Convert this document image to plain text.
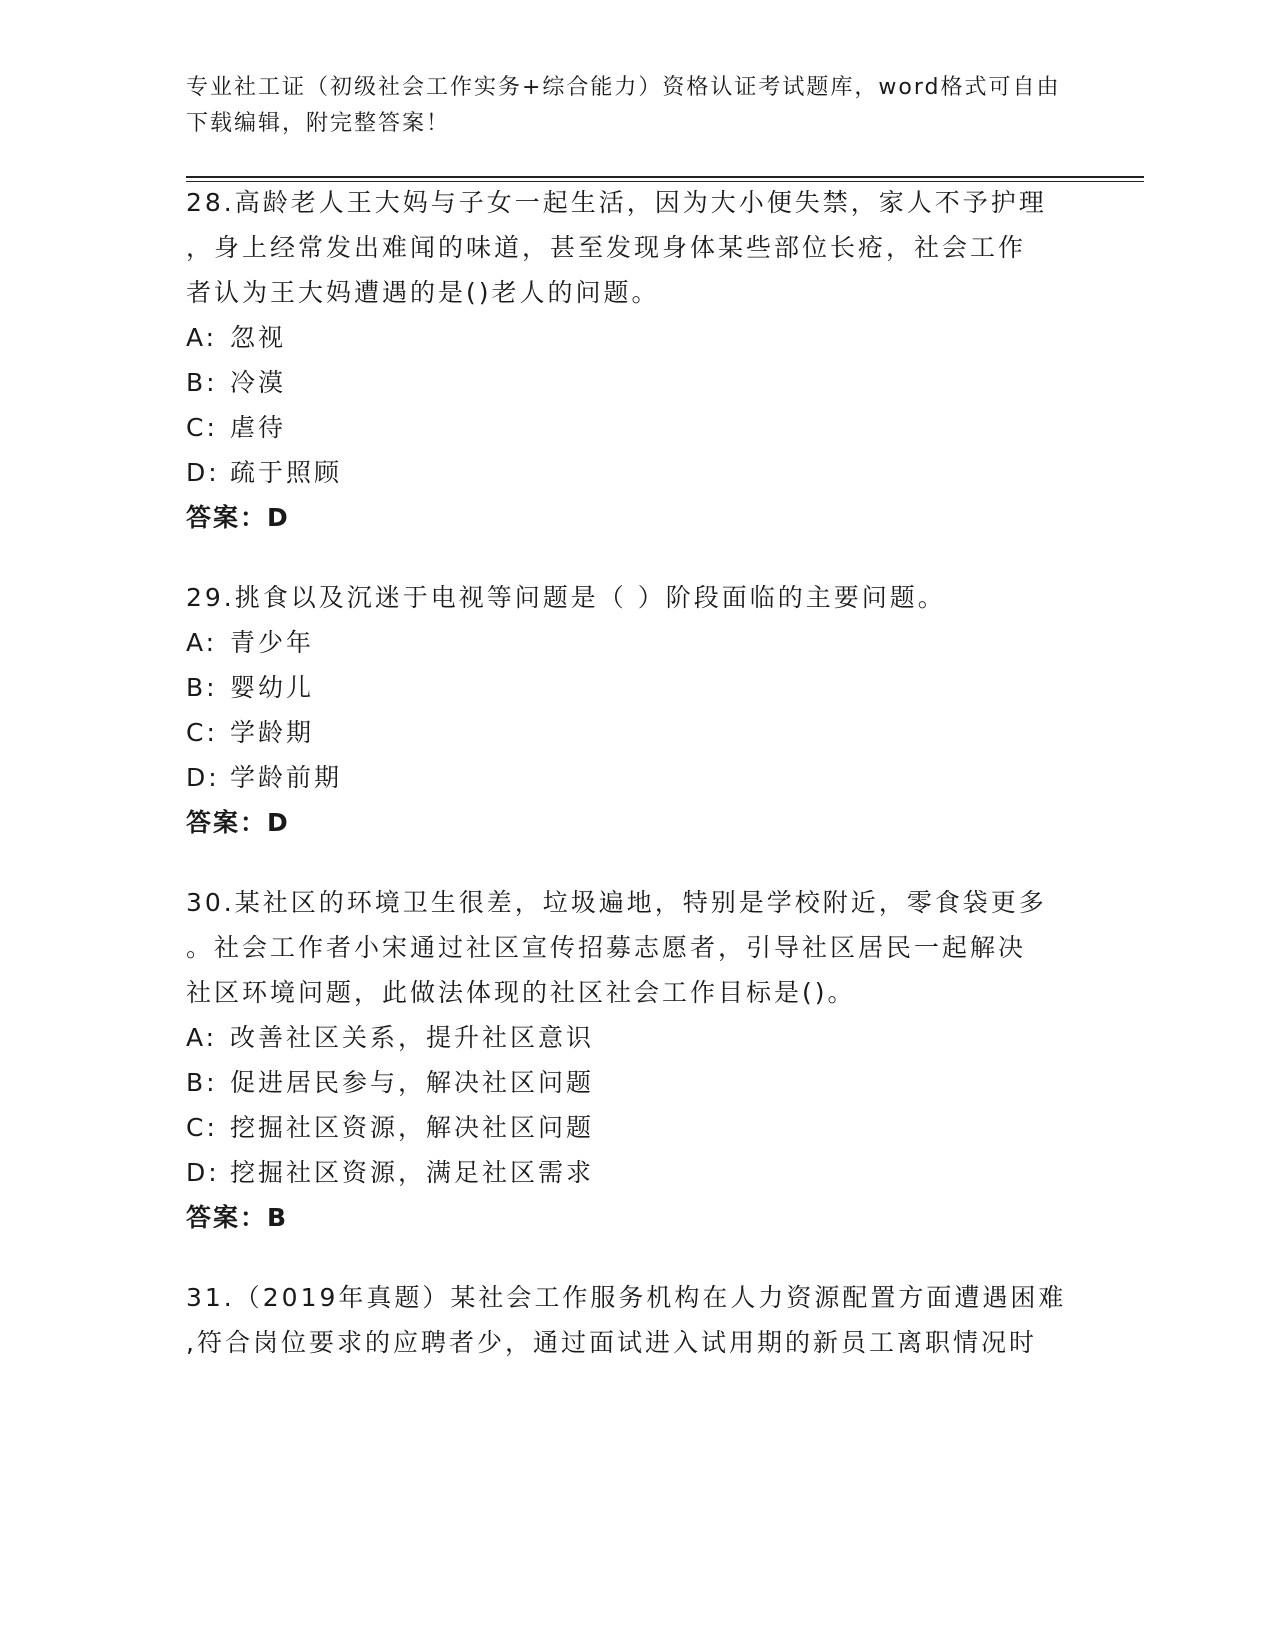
专业社工证（初级社会工作实务+综合能力）资格认证考试题库，word格式可自由
下载编辑，附完整答案！
28.高龄老人王大妈与子女一起生活，因为大小便失禁，家人不予护理
，身上经常发出难闻的味道，甚至发现身体某些部位长疮，社会工作
者认为王大妈遭遇的是()老人的问题。
A: 忽视
B: 冷漠
C: 虐待
D: 疏于照顾
答案：D
29.挑食以及沉迷于电视等问题是（ ）阶段面临的主要问题。
A: 青少年
B: 婴幼儿
C: 学龄期
D: 学龄前期
答案：D
30.某社区的环境卫生很差，垃圾遍地，特别是学校附近，零食袋更多
。社会工作者小宋通过社区宣传招募志愿者，引导社区居民一起解决
社区环境问题，此做法体现的社区社会工作目标是()。
A: 改善社区关系，提升社区意识
B: 促进居民参与，解决社区问题
C: 挖掘社区资源，解决社区问题
D: 挖掘社区资源，满足社区需求
答案：B
31.（2019年真题）某社会工作服务机构在人力资源配置方面遭遇困难
,符合岗位要求的应聘者少，通过面试进入试用期的新员工离职情况时
